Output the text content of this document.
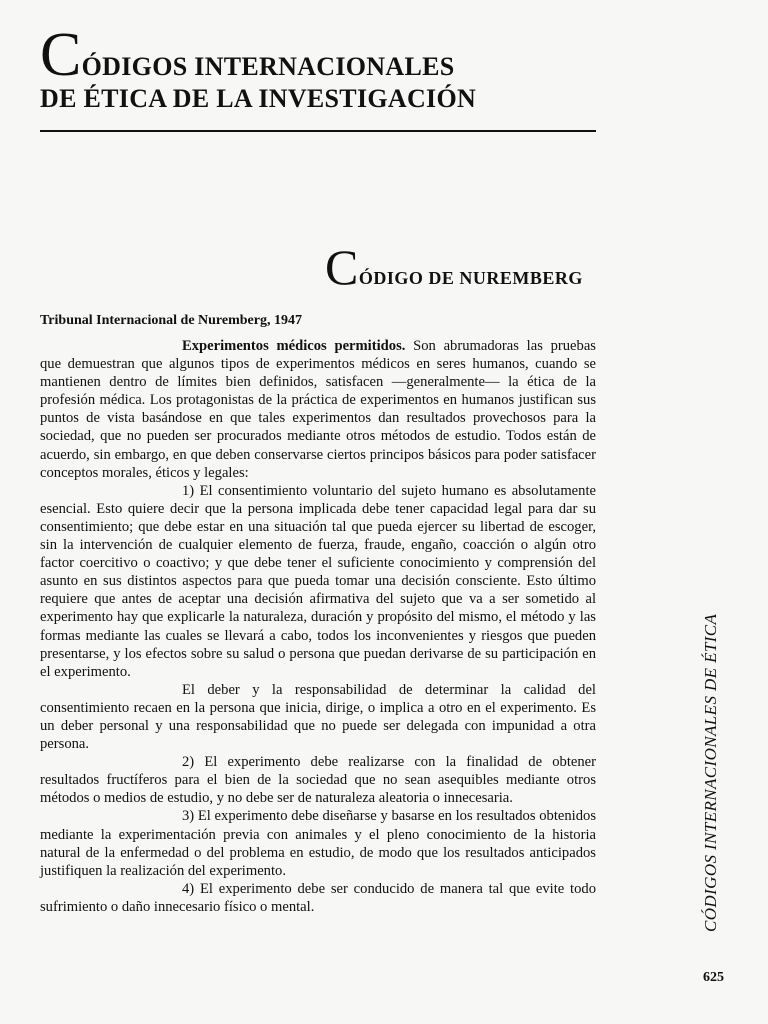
CÓDIGOS INTERNACIONALES
DE ÉTICA DE LA INVESTIGACIÓN
CÓDIGO DE NUREMBERG

Tribunal Internacional de Nuremberg, 1947

Experimentos médicos permitidos. Son abrumadoras las pruebas que demuestran que algunos tipos de experimentos médicos en seres humanos, cuando se mantienen dentro de límites bien definidos, satisfacen —generalmente— la ética de la profesión médica. Los protagonistas de la práctica de experimentos en humanos justifican sus puntos de vista basándose en que tales experimentos dan resultados provechosos para la sociedad, que no pueden ser procurados mediante otros métodos de estudio. Todos están de acuerdo, sin embargo, en que deben conservarse ciertos principos básicos para poder satisfacer conceptos morales, éticos y legales:

1) El consentimiento voluntario del sujeto humano es absolutamente esencial. Esto quiere decir que la persona implicada debe tener capacidad legal para dar su consentimiento; que debe estar en una situación tal que pueda ejercer su libertad de escoger, sin la intervención de cualquier elemento de fuerza, fraude, engaño, coacción o algún otro factor coercitivo o coactivo; y que debe tener el suficiente conocimiento y comprensión del asunto en sus distintos aspectos para que pueda tomar una decisión consciente. Esto último requiere que antes de aceptar una decisión afirmativa del sujeto que va a ser sometido al experimento hay que explicarle la naturaleza, duración y propósito del mismo, el método y las formas mediante las cuales se llevará a cabo, todos los inconvenientes y riesgos que pueden presentarse, y los efectos sobre su salud o persona que puedan derivarse de su participación en el experimento.

El deber y la responsabilidad de determinar la calidad del consentimiento recaen en la persona que inicia, dirige, o implica a otro en el experimento. Es un deber personal y una responsabilidad que no puede ser delegada con impunidad a otra persona.

2) El experimento debe realizarse con la finalidad de obtener resultados fructíferos para el bien de la sociedad que no sean asequibles mediante otros métodos o medios de estudio, y no debe ser de naturaleza aleatoria o innecesaria.

3) El experimento debe diseñarse y basarse en los resultados obtenidos mediante la experimentación previa con animales y el pleno conocimiento de la historia natural de la enfermedad o del problema en estudio, de modo que los resultados anticipados justifiquen la realización del experimento.

4) El experimento debe ser conducido de manera tal que evite todo sufrimiento o daño innecesario físico o mental.	CÓDIGOS INTERNACIONALES DE ÉTICA
625
